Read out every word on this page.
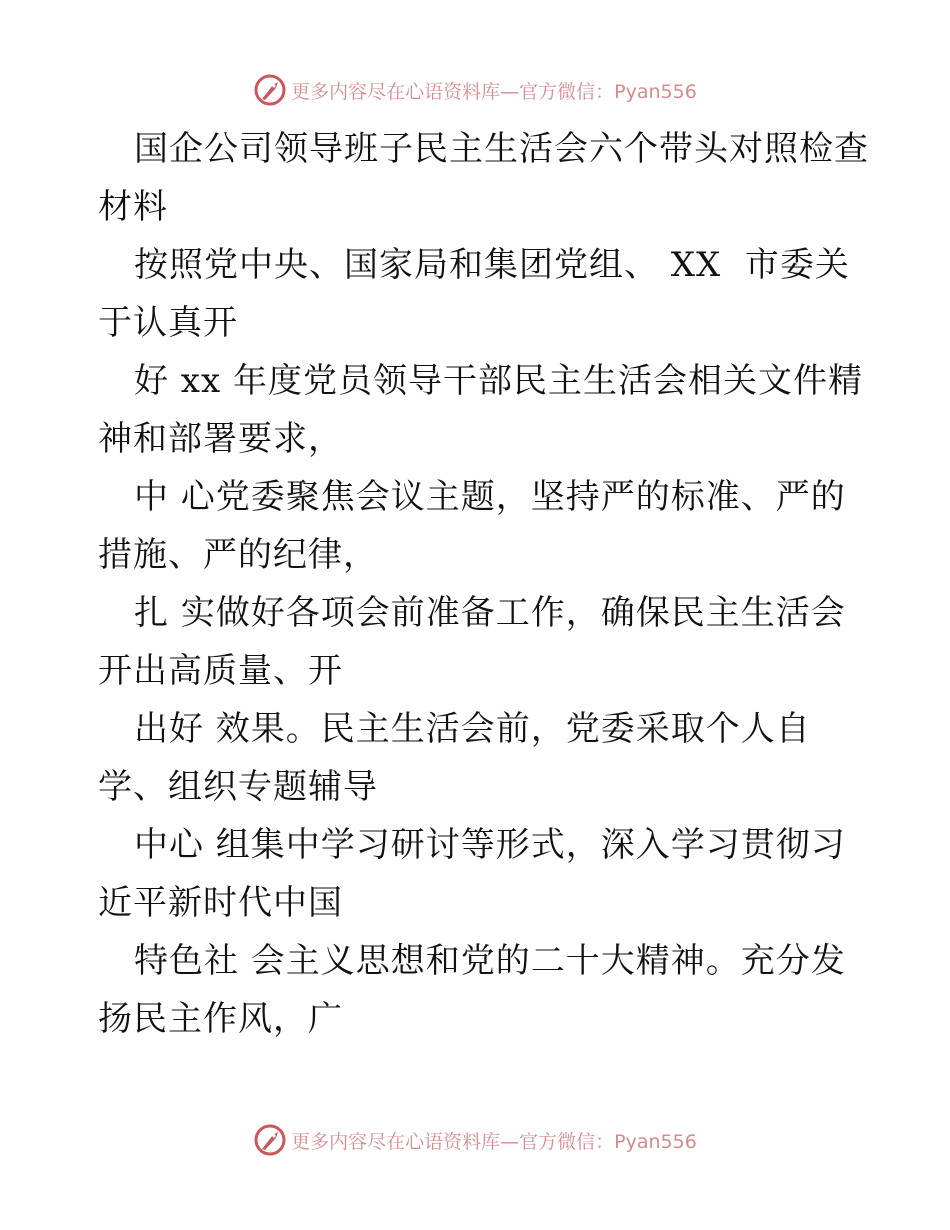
更多内容尽在心语资料库—官方微信：Pyan556
国企公司领导班子民主生活会六个带头对照检查
材料
按照党中央、国家局和集团党组、 XX  市委关
于认真开
好 xx 年度党员领导干部民主生活会相关文件精
神和部署要求，
中 心党委聚焦会议主题，坚持严的标准、严的
措施、严的纪律，
扎 实做好各项会前准备工作，确保民主生活会
开出高质量、开
出好 效果。民主生活会前，党委采取个人自
学、组织专题辅导
中心 组集中学习研讨等形式，深入学习贯彻习
近平新时代中国
特色社 会主义思想和党的二十大精神。充分发
扬民主作风，广
更多内容尽在心语资料库—官方微信：Pyan556
